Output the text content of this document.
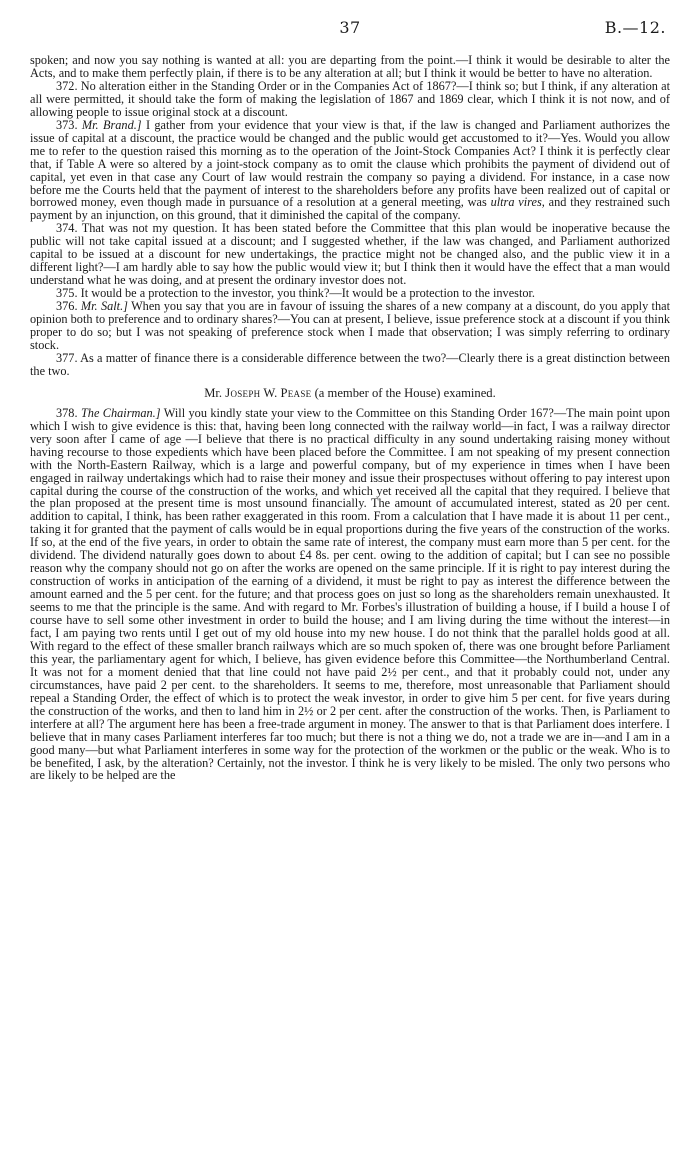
37	B.—12.

spoken; and now you say nothing is wanted at all: you are departing from the point.—I think it would be desirable to alter the Acts, and to make them perfectly plain, if there is to be any alteration at all; but I think it would be better to have no alteration.

372. No alteration either in the Standing Order or in the Companies Act of 1867?—I think so; but I think, if any alteration at all were permitted, it should take the form of making the legislation of 1867 and 1869 clear, which I think it is not now, and of allowing people to issue original stock at a discount.

373. Mr. Brand.] I gather from your evidence that your view is that, if the law is changed and Parliament authorizes the issue of capital at a discount, the practice would be changed and the public would get accustomed to it?—Yes. Would you allow me to refer to the question raised this morning as to the operation of the Joint-Stock Companies Act? I think it is perfectly clear that, if Table A were so altered by a joint-stock company as to omit the clause which prohibits the payment of dividend out of capital, yet even in that case any Court of law would restrain the company so paying a dividend. For instance, in a case now before me the Courts held that the payment of interest to the shareholders before any profits have been realized out of capital or borrowed money, even though made in pursuance of a resolution at a general meeting, was ultra vires, and they restrained such payment by an injunction, on this ground, that it diminished the capital of the company.

374. That was not my question. It has been stated before the Committee that this plan would be inoperative because the public will not take capital issued at a discount; and I suggested whether, if the law was changed, and Parliament authorized capital to be issued at a discount for new undertakings, the practice might not be changed also, and the public view it in a different light?—I am hardly able to say how the public would view it; but I think then it would have the effect that a man would understand what he was doing, and at present the ordinary investor does not.

375. It would be a protection to the investor, you think?—It would be a protection to the investor.

376. Mr. Salt.] When you say that you are in favour of issuing the shares of a new company at a discount, do you apply that opinion both to preference and to ordinary shares?—You can at present, I believe, issue preference stock at a discount if you think proper to do so; but I was not speaking of preference stock when I made that observation; I was simply referring to ordinary stock.

377. As a matter of finance there is a considerable difference between the two?—Clearly there is a great distinction between the two.

Mr. Joseph W. Pease (a member of the House) examined.

378. The Chairman.] Will you kindly state your view to the Committee on this Standing Order 167?—The main point upon which I wish to give evidence is this: that, having been long connected with the railway world—in fact, I was a railway director very soon after I came of age —I believe that there is no practical difficulty in any sound undertaking raising money without having recourse to those expedients which have been placed before the Committee. I am not speaking of my present connection with the North-Eastern Railway, which is a large and powerful company, but of my experience in times when I have been engaged in railway undertakings which had to raise their money and issue their prospectuses without offering to pay interest upon capital during the course of the construction of the works, and which yet received all the capital that they required. I believe that the plan proposed at the present time is most unsound financially. The amount of accumulated interest, stated as 20 per cent. addition to capital, I think, has been rather exaggerated in this room. From a calculation that I have made it is about 11 per cent., taking it for granted that the payment of calls would be in equal proportions during the five years of the construction of the works. If so, at the end of the five years, in order to obtain the same rate of interest, the company must earn more than 5 per cent. for the dividend. The dividend naturally goes down to about £4 8s. per cent. owing to the addition of capital; but I can see no possible reason why the company should not go on after the works are opened on the same principle. If it is right to pay interest during the construction of works in anticipation of the earning of a dividend, it must be right to pay as interest the difference between the amount earned and the 5 per cent. for the future; and that process goes on just so long as the shareholders remain unexhausted. It seems to me that the principle is the same. And with regard to Mr. Forbes's illustration of building a house, if I build a house I of course have to sell some other investment in order to build the house; and I am living during the time without the interest—in fact, I am paying two rents until I get out of my old house into my new house. I do not think that the parallel holds good at all. With regard to the effect of these smaller branch railways which are so much spoken of, there was one brought before Parliament this year, the parliamentary agent for which, I believe, has given evidence before this Committee—the Northumberland Central. It was not for a moment denied that that line could not have paid 2½ per cent., and that it probably could not, under any circumstances, have paid 2 per cent. to the shareholders. It seems to me, therefore, most unreasonable that Parliament should repeal a Standing Order, the effect of which is to protect the weak investor, in order to give him 5 per cent. for five years during the construction of the works, and then to land him in 2½ or 2 per cent. after the construction of the works. Then, is Parliament to interfere at all? The argument here has been a free-trade argument in money. The answer to that is that Parliament does interfere. I believe that in many cases Parliament interferes far too much; but there is not a thing we do, not a trade we are in—and I am in a good many—but what Parliament interferes in some way for the protection of the workmen or the public or the weak. Who is to be benefited, I ask, by the alteration? Certainly, not the investor. I think he is very likely to be misled. The only two persons who are likely to be helped are the
